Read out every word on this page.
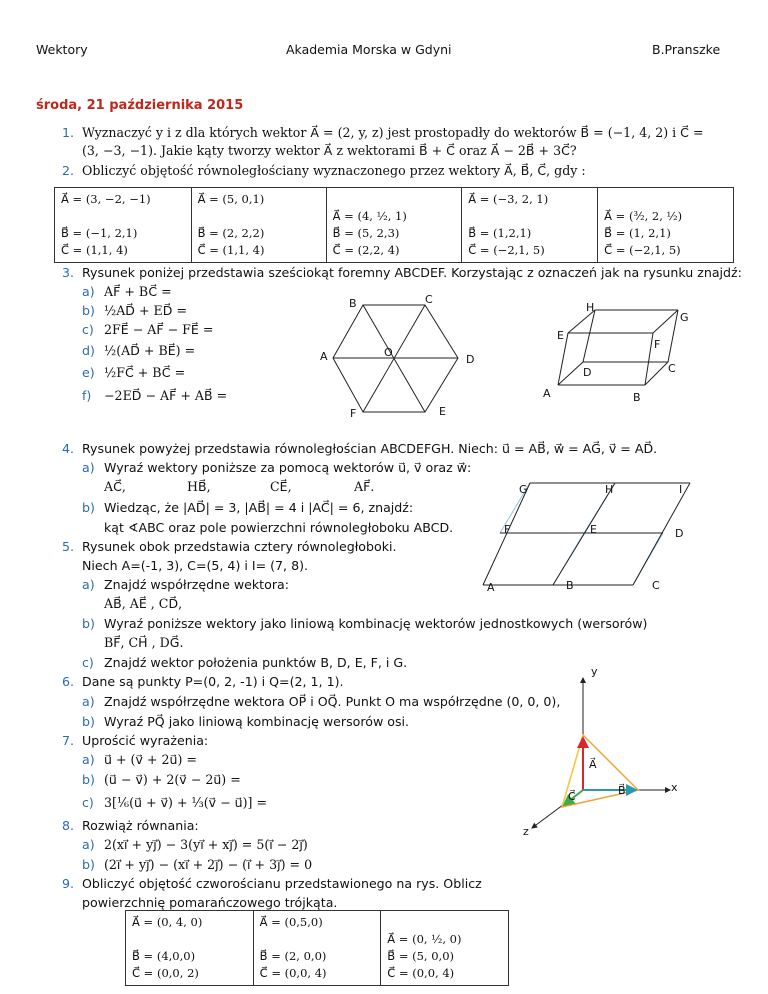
Wektory	Akademia Morska w Gdyni	B.Pranszke
środa, 21 października 2015
1. Wyznaczyć y i z dla których wektor A⃗ = (2, y, z) jest prostopadły do wektorów B⃗ = (−1, 4, 2) i C⃗ =
(3, −3, −1). Jakie kąty tworzy wektor A⃗ z wektorami B⃗ + C⃗ oraz A⃗ − 2B⃗ + 3C⃗?
2. Obliczyć objętość równoległościany wyznaczonego przez wektory A⃗, B⃗, C⃗, gdy :
A⃗ = (3, −2, −1)
B⃗ = (−1, 2,1)
C⃗ = (1,1, 4)

A⃗ = (5, 0,1)
B⃗ = (2, 2,2)
C⃗ = (1,1, 4)

A⃗ = (4, ½, 1)
B⃗ = (5, 2,3)
C⃗ = (2,2, 4)

A⃗ = (−3, 2, 1)
B⃗ = (1,2,1)
C⃗ = (−2,1, 5)

A⃗ = (³⁄₂, 2, ½)
B⃗ = (1, 2,1)
C⃗ = (−2,1, 5)
3. Rysunek poniżej przedstawia sześciokąt foremny ABCDEF. Korzystając z oznaczeń jak na rysunku znajdź:
a) AF⃗ + BC⃗ =
b) ½AD⃗ + ED⃗ =
c) 2FE⃗ − AF⃗ − FE⃗ =
d) ½(AD⃗ + BE⃗) =
e) ½FC⃗ + BC⃗ =
f) −2ED⃗ − AF⃗ + AB⃗ =
B	C
A	O
D
F	E
H
G
E
F
D	C
A	B
4. Rysunek powyżej przedstawia równoległościan ABCDEFGH. Niech: u⃗ = AB⃗, w⃗ = AG⃗, v⃗ = AD⃗.
a) Wyraź wektory poniższe za pomocą wektorów u⃗, v⃗ oraz w⃗:
AC⃗,	HB⃗,	CE⃗,	AF⃗.
b) Wiedząc, że |AD⃗| = 3, |AB⃗| = 4 i |AC⃗| = 6, znajdź:
kąt ∢ABC oraz pole powierzchni równoległoboku ABCD.
G	H	I
F	E	D
A	B	C
5. Rysunek obok przedstawia cztery równoległoboki.
Niech A=(-1, 3), C=(5, 4) i I= (7, 8).
a) Znajdź współrzędne wektora:
AB⃗, AE⃗ , CD⃗,
b) Wyraź poniższe wektory jako liniową kombinację wektorów jednostkowych (wersorów)
BF⃗, CH⃗ , DG⃗.
c) Znajdź wektor położenia punktów B, D, E, F, i G.
6. Dane są punkty P=(0, 2, -1) i Q=(2, 1, 1).
a) Znajdź współrzędne wektora OP⃗ i OQ⃗. Punkt O ma współrzędne (0, 0, 0),
b) Wyraź PQ⃗ jako liniową kombinację wersorów osi.
7. Uprościć wyrażenia:
a) u⃗ + (v⃗ + 2u⃗) =
b) (u⃗ − v⃗) + 2(v⃗ − 2u⃗) =
c) 3[⅙(u⃗ + v⃗) + ⅓(v⃗ − u⃗)] =
8. Rozwiąż równania:
a) 2(xi⃗ + yj⃗) − 3(yi⃗ + xj⃗) = 5(i⃗ − 2j⃗)
b) (2i⃗ + yj⃗) − (xi⃗ + 2j⃗) − (i⃗ + 3j⃗) = 0
9. Obliczyć objętość czworościanu przedstawionego na rys. Oblicz
powierzchnię pomarańczowego trójkąta.
y
x
z
A⃗
B⃗
C⃗
A⃗ = (0, 4, 0)
B⃗ = (4,0,0)
C⃗ = (0,0, 2)

A⃗ = (0,5,0)
B⃗ = (2, 0,0)
C⃗ = (0,0, 4)

A⃗ = (0, ½, 0)
B⃗ = (5, 0,0)
C⃗ = (0,0, 4)
